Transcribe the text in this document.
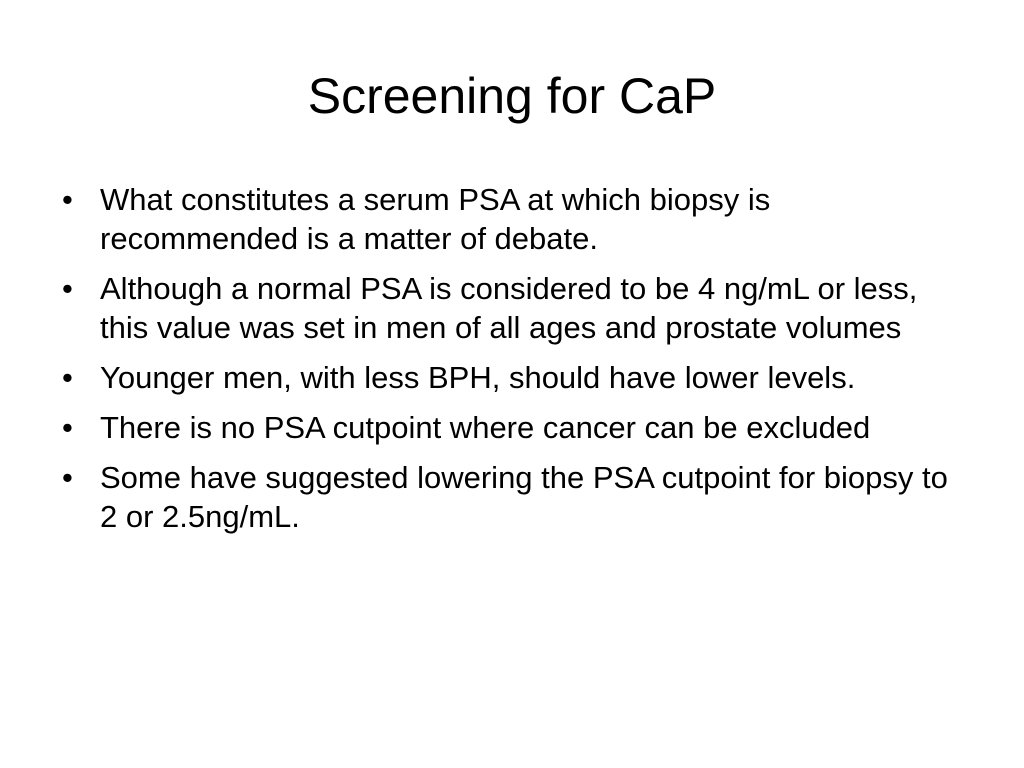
Screening for CaP
• What constitutes a serum PSA at which biopsy is recommended is a matter of debate.
• Although a normal PSA is considered to be 4 ng/mL or less, this value was set in men of all ages and prostate volumes
• Younger men, with less BPH, should have lower levels.
• There is no PSA cutpoint where cancer can be excluded
• Some have suggested lowering the PSA cutpoint for biopsy to 2 or 2.5ng/mL.
